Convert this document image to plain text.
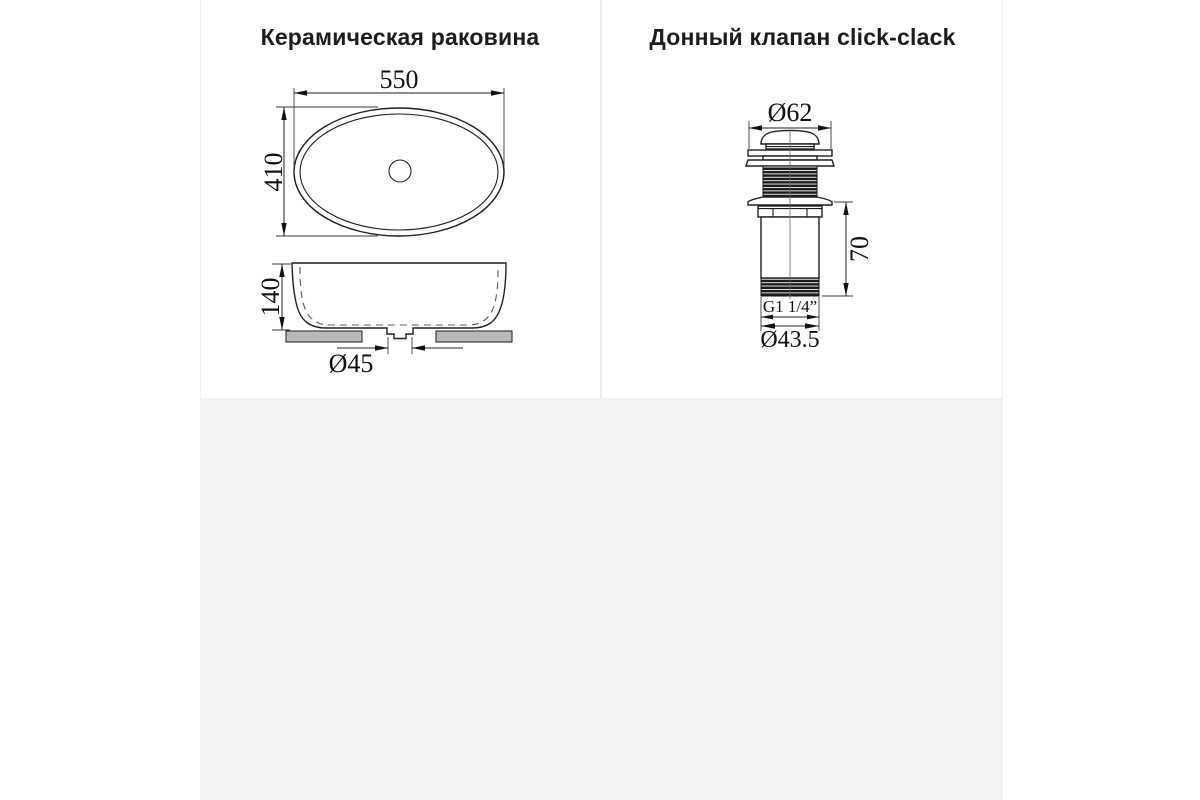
Керамическая раковина
550
410
140
Ø45
Донный клапан click-clack
Ø62
70
G1 1/4”
Ø43.5
